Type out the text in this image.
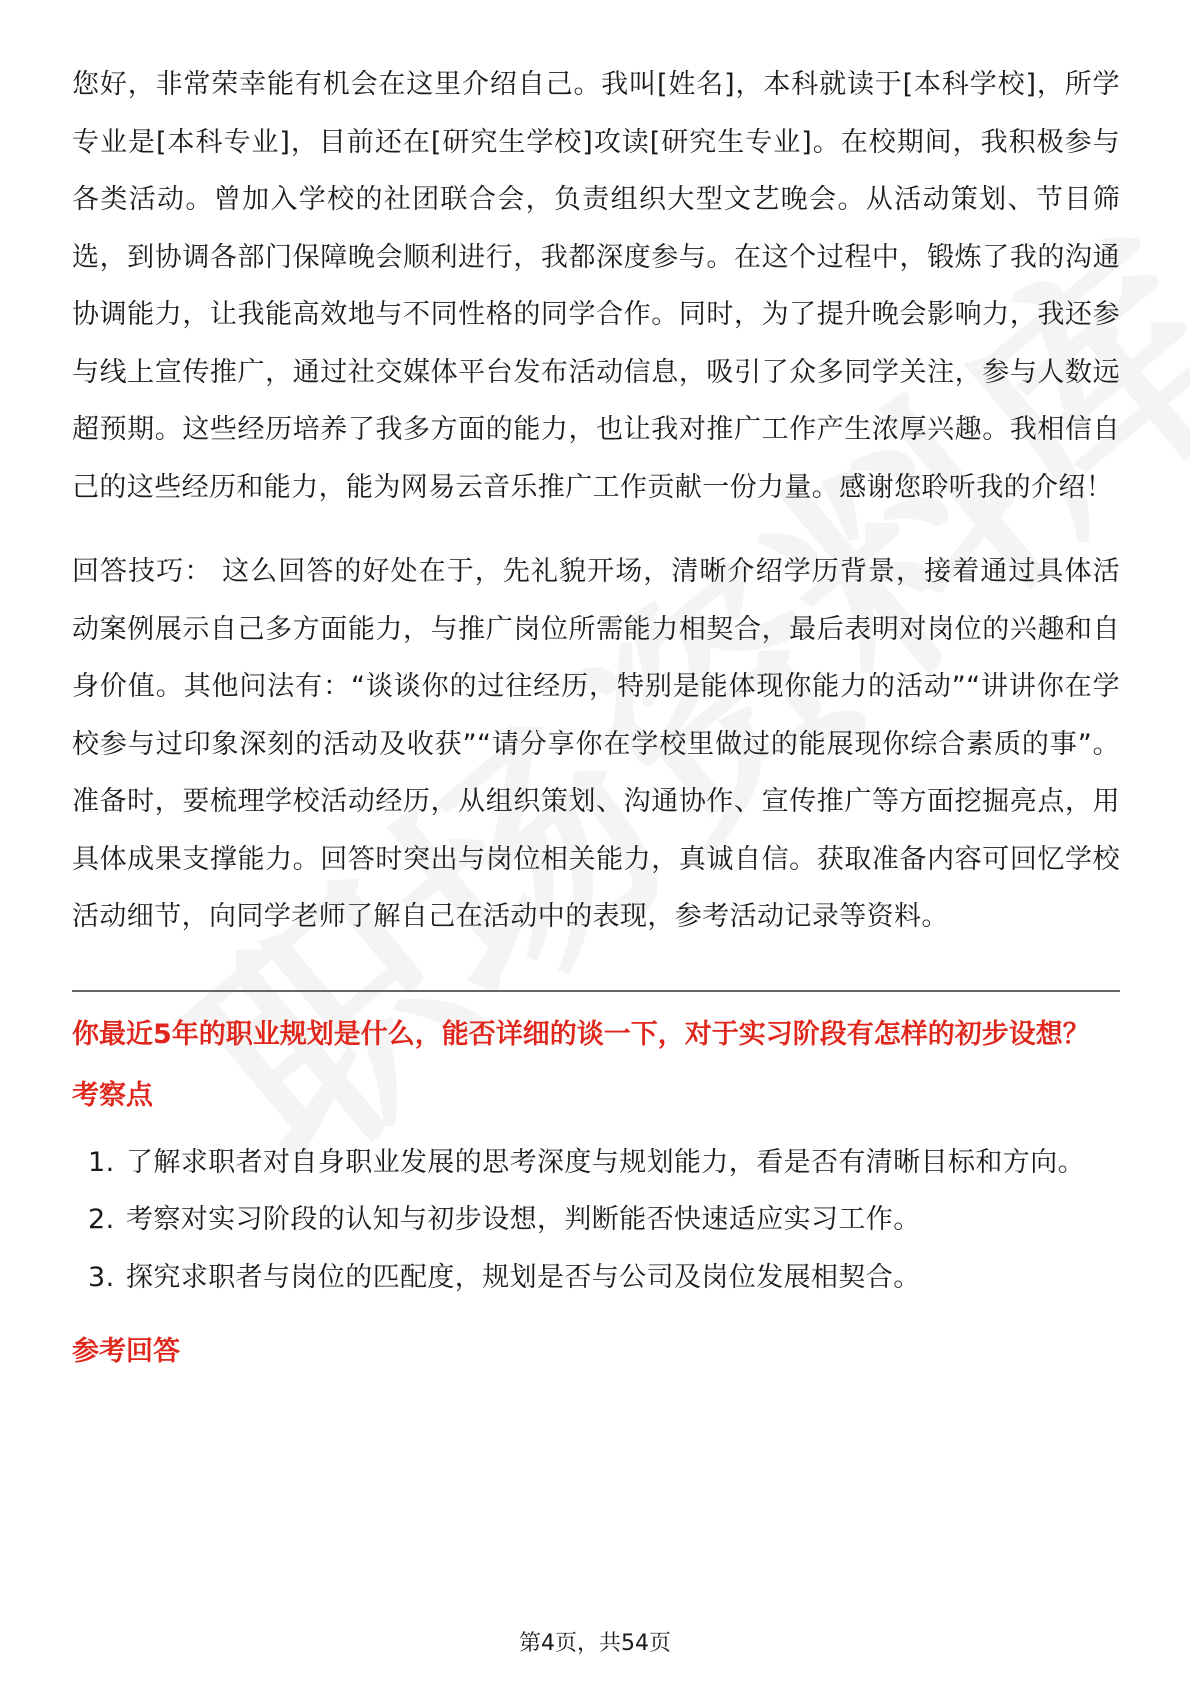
您好，非常荣幸能有机会在这里介绍自己。我叫[姓名]，本科就读于[本科学校]，所学专业是[本科专业]，目前还在[研究生学校]攻读[研究生专业]。在校期间，我积极参与各类活动。曾加入学校的社团联合会，负责组织大型文艺晚会。从活动策划、节目筛选，到协调各部门保障晚会顺利进行，我都深度参与。在这个过程中，锻炼了我的沟通协调能力，让我能高效地与不同性格的同学合作。同时，为了提升晚会影响力，我还参与线上宣传推广，通过社交媒体平台发布活动信息，吸引了众多同学关注，参与人数远超预期。这些经历培养了我多方面的能力，也让我对推广工作产生浓厚兴趣。我相信自己的这些经历和能力，能为网易云音乐推广工作贡献一份力量。感谢您聆听我的介绍！

回答技巧： 这么回答的好处在于，先礼貌开场，清晰介绍学历背景，接着通过具体活动案例展示自己多方面能力，与推广岗位所需能力相契合，最后表明对岗位的兴趣和自身价值。其他问法有：“谈谈你的过往经历，特别是能体现你能力的活动”“讲讲你在学校参与过印象深刻的活动及收获”“请分享你在学校里做过的能展现你综合素质的事”。准备时，要梳理学校活动经历，从组织策划、沟通协作、宣传推广等方面挖掘亮点，用具体成果支撑能力。回答时突出与岗位相关能力，真诚自信。获取准备内容可回忆学校活动细节，向同学老师了解自己在活动中的表现，参考活动记录等资料。

你最近5年的职业规划是什么，能否详细的谈一下，对于实习阶段有怎样的初步设想？
考察点
1. 了解求职者对自身职业发展的思考深度与规划能力，看是否有清晰目标和方向。
2. 考察对实习阶段的认知与初步设想，判断能否快速适应实习工作。
3. 探究求职者与岗位的匹配度，规划是否与公司及岗位发展相契合。
参考回答
第4页，共54页
